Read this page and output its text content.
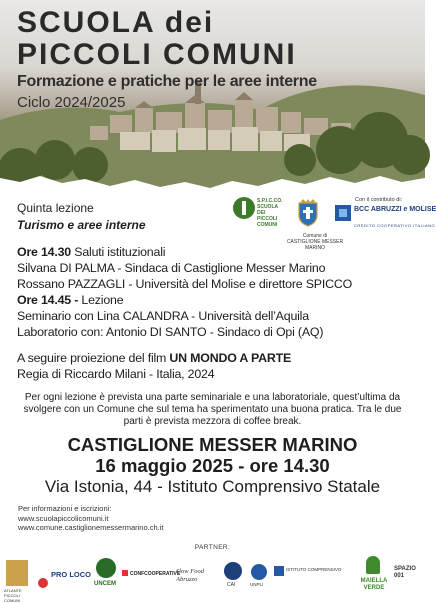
SCUOLA dei
PICCOLI COMUNI
Formazione e pratiche per le aree interne
Ciclo 2024/2025
Quinta lezione
Turismo e aree interne
S.P.I.C.CO. SCUOLA DEI PICCOLI COMUNI
Comune di
CASTIGLIONE MESSER MARINO
Con il contributo di:
BCC ABRUZZI e MOLISE
CREDITO COOPERATIVO ITALIANO
Ore 14.30 Saluti istituzionali
Silvana DI PALMA - Sindaca di Castiglione Messer Marino
Rossano PAZZAGLI - Università del Molise e direttore SPICCO
Ore 14.45 - Lezione
Seminario con Lina CALANDRA - Università dell’Aquila
Laboratorio con: Antonio DI SANTO - Sindaco di Opi (AQ)
A seguire proiezione del film UN MONDO A PARTE
Regia di Riccardo Milani - Italia, 2024
Per ogni lezione è prevista una parte seminariale e una laboratoriale, quest’ultima da svolgere con un Comune che sul tema ha sperimentato una buona pratica. Tra le due parti è prevista mezzora di coffee break.
CASTIGLIONE MESSER MARINO
16 maggio 2025 - ore 14.30
Via Istonia, 44 - Istituto Comprensivo Statale
Per informazioni e iscrizioni:
www.scuolapiccolicomuni.it
www.comune.castiglionemessermarino.ch.it
PARTNER:
ATLANTE PICCOLI COMUNI
PRO LOCO
UNCEM
CONFCOOPERATIVE
Slow Food Abruzzo
CAI	UNPLI
ISTITUTO COMPRENSIVO
MAIELLA VERDE
SPAZIO 001
